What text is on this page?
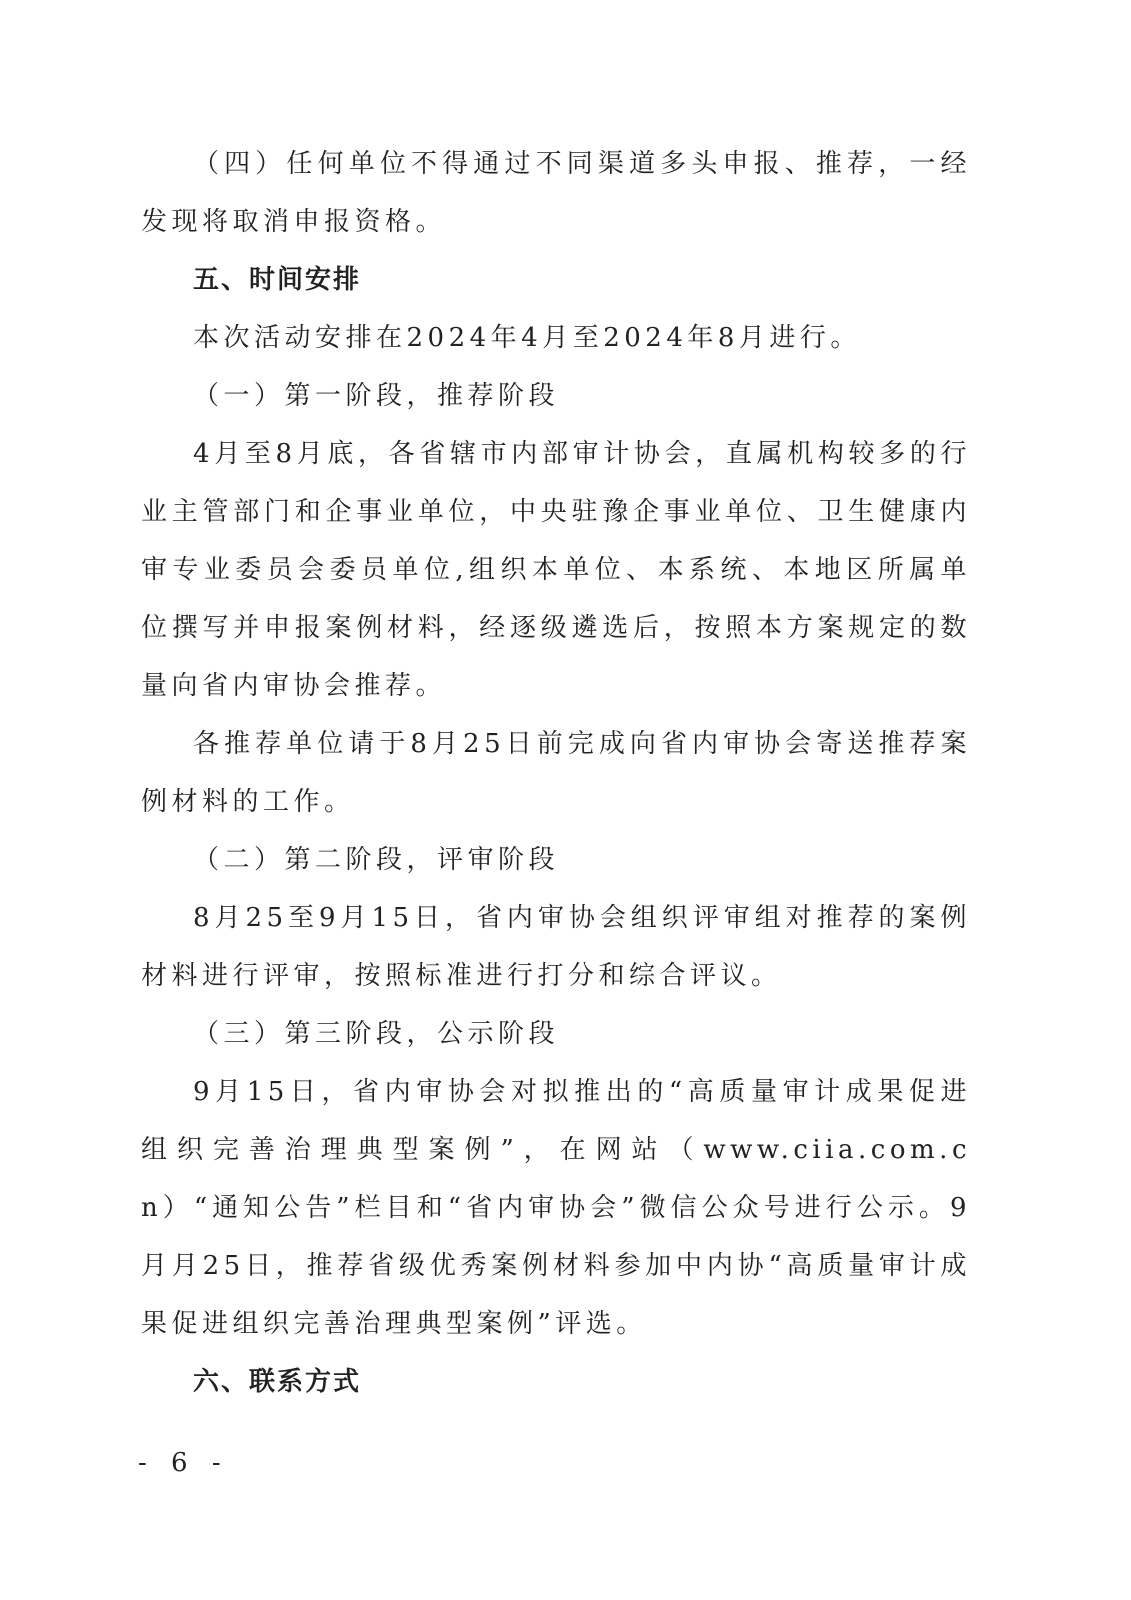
（四）任何单位不得通过不同渠道多头申报、推荐，一经发现将取消申报资格。

五、时间安排

本次活动安排在2024年4月至2024年8月进行。

（一）第一阶段，推荐阶段

4月至8月底，各省辖市内部审计协会，直属机构较多的行业主管部门和企事业单位，中央驻豫企事业单位、卫生健康内审专业委员会委员单位,组织本单位、本系统、本地区所属单位撰写并申报案例材料，经逐级遴选后，按照本方案规定的数量向省内审协会推荐。

各推荐单位请于8月25日前完成向省内审协会寄送推荐案例材料的工作。

（二）第二阶段，评审阶段

8月25至9月15日，省内审协会组织评审组对推荐的案例材料进行评审，按照标准进行打分和综合评议。

（三）第三阶段，公示阶段

9月15日，省内审协会对拟推出的“高质量审计成果促进组织完善治理典型案例”，在网站（www.ciia.com.cn）“通知公告”栏目和“省内审协会”微信公众号进行公示。9月月25日，推荐省级优秀案例材料参加中内协“高质量审计成果促进组织完善治理典型案例”评选。

六、联系方式

- 6 -
